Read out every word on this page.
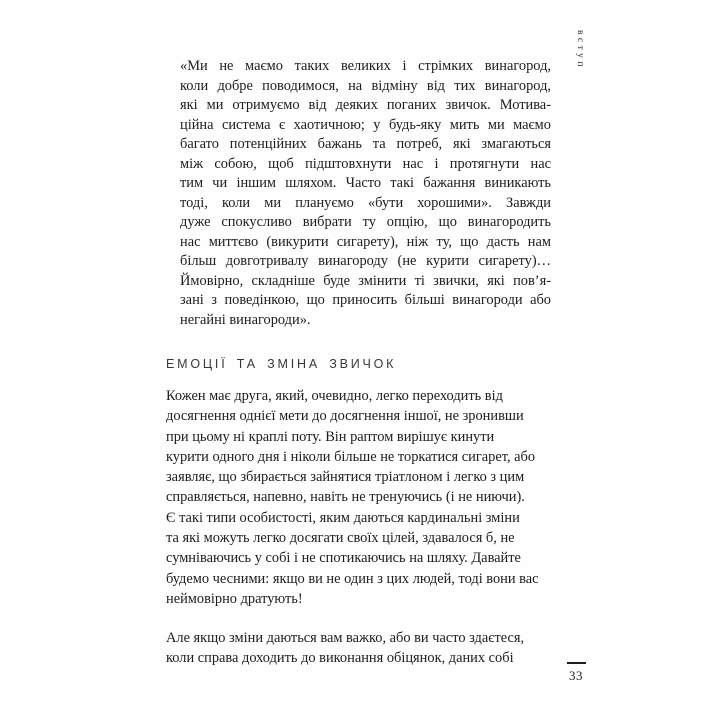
вступ
«Ми не маємо таких великих і стрімких винагород,
коли добре поводимося, на відміну від тих винагород,
які ми отримуємо від деяких поганих звичок. Мотива-
ційна система є хаотичною; у будь-яку мить ми маємо
багато потенційних бажань та потреб, які змагаються
між собою, щоб підштовхнути нас і протягнути нас
тим чи іншим шляхом. Часто такі бажання виникають
тоді, коли ми плануємо «бути хорошими». Завжди
дуже спокусливо вибрати ту опцію, що винагородить
нас миттєво (викурити сигарету), ніж ту, що дасть нам
більш довготривалу винагороду (не курити сигарету)…
Ймовірно, складніше буде змінити ті звички, які пов’я-
зані з поведінкою, що приносить більші винагороди або
негайні винагороди».
ЕМОЦІЇ ТА ЗМІНА ЗВИЧОК
Кожен має друга, який, очевидно, легко переходить від
досягнення однієї мети до досягнення іншої, не зронивши
при цьому ні краплі поту. Він раптом вирішує кинути
курити одного дня і ніколи більше не торкатися сигарет, або
заявляє, що збирається зайнятися тріатлоном і легко з цим
справляється, напевно, навіть не тренуючись (і не ниючи).
Є такі типи особистості, яким даються кардинальні зміни
та які можуть легко досягати своїх цілей, здавалося б, не
сумніваючись у собі і не спотикаючись на шляху. Давайте
будемо чесними: якщо ви не один з цих людей, тоді вони вас
неймовірно дратують!
Але якщо зміни даються вам важко, або ви часто здаєтеся,
коли справа доходить до виконання обіцянок, даних собі
33
